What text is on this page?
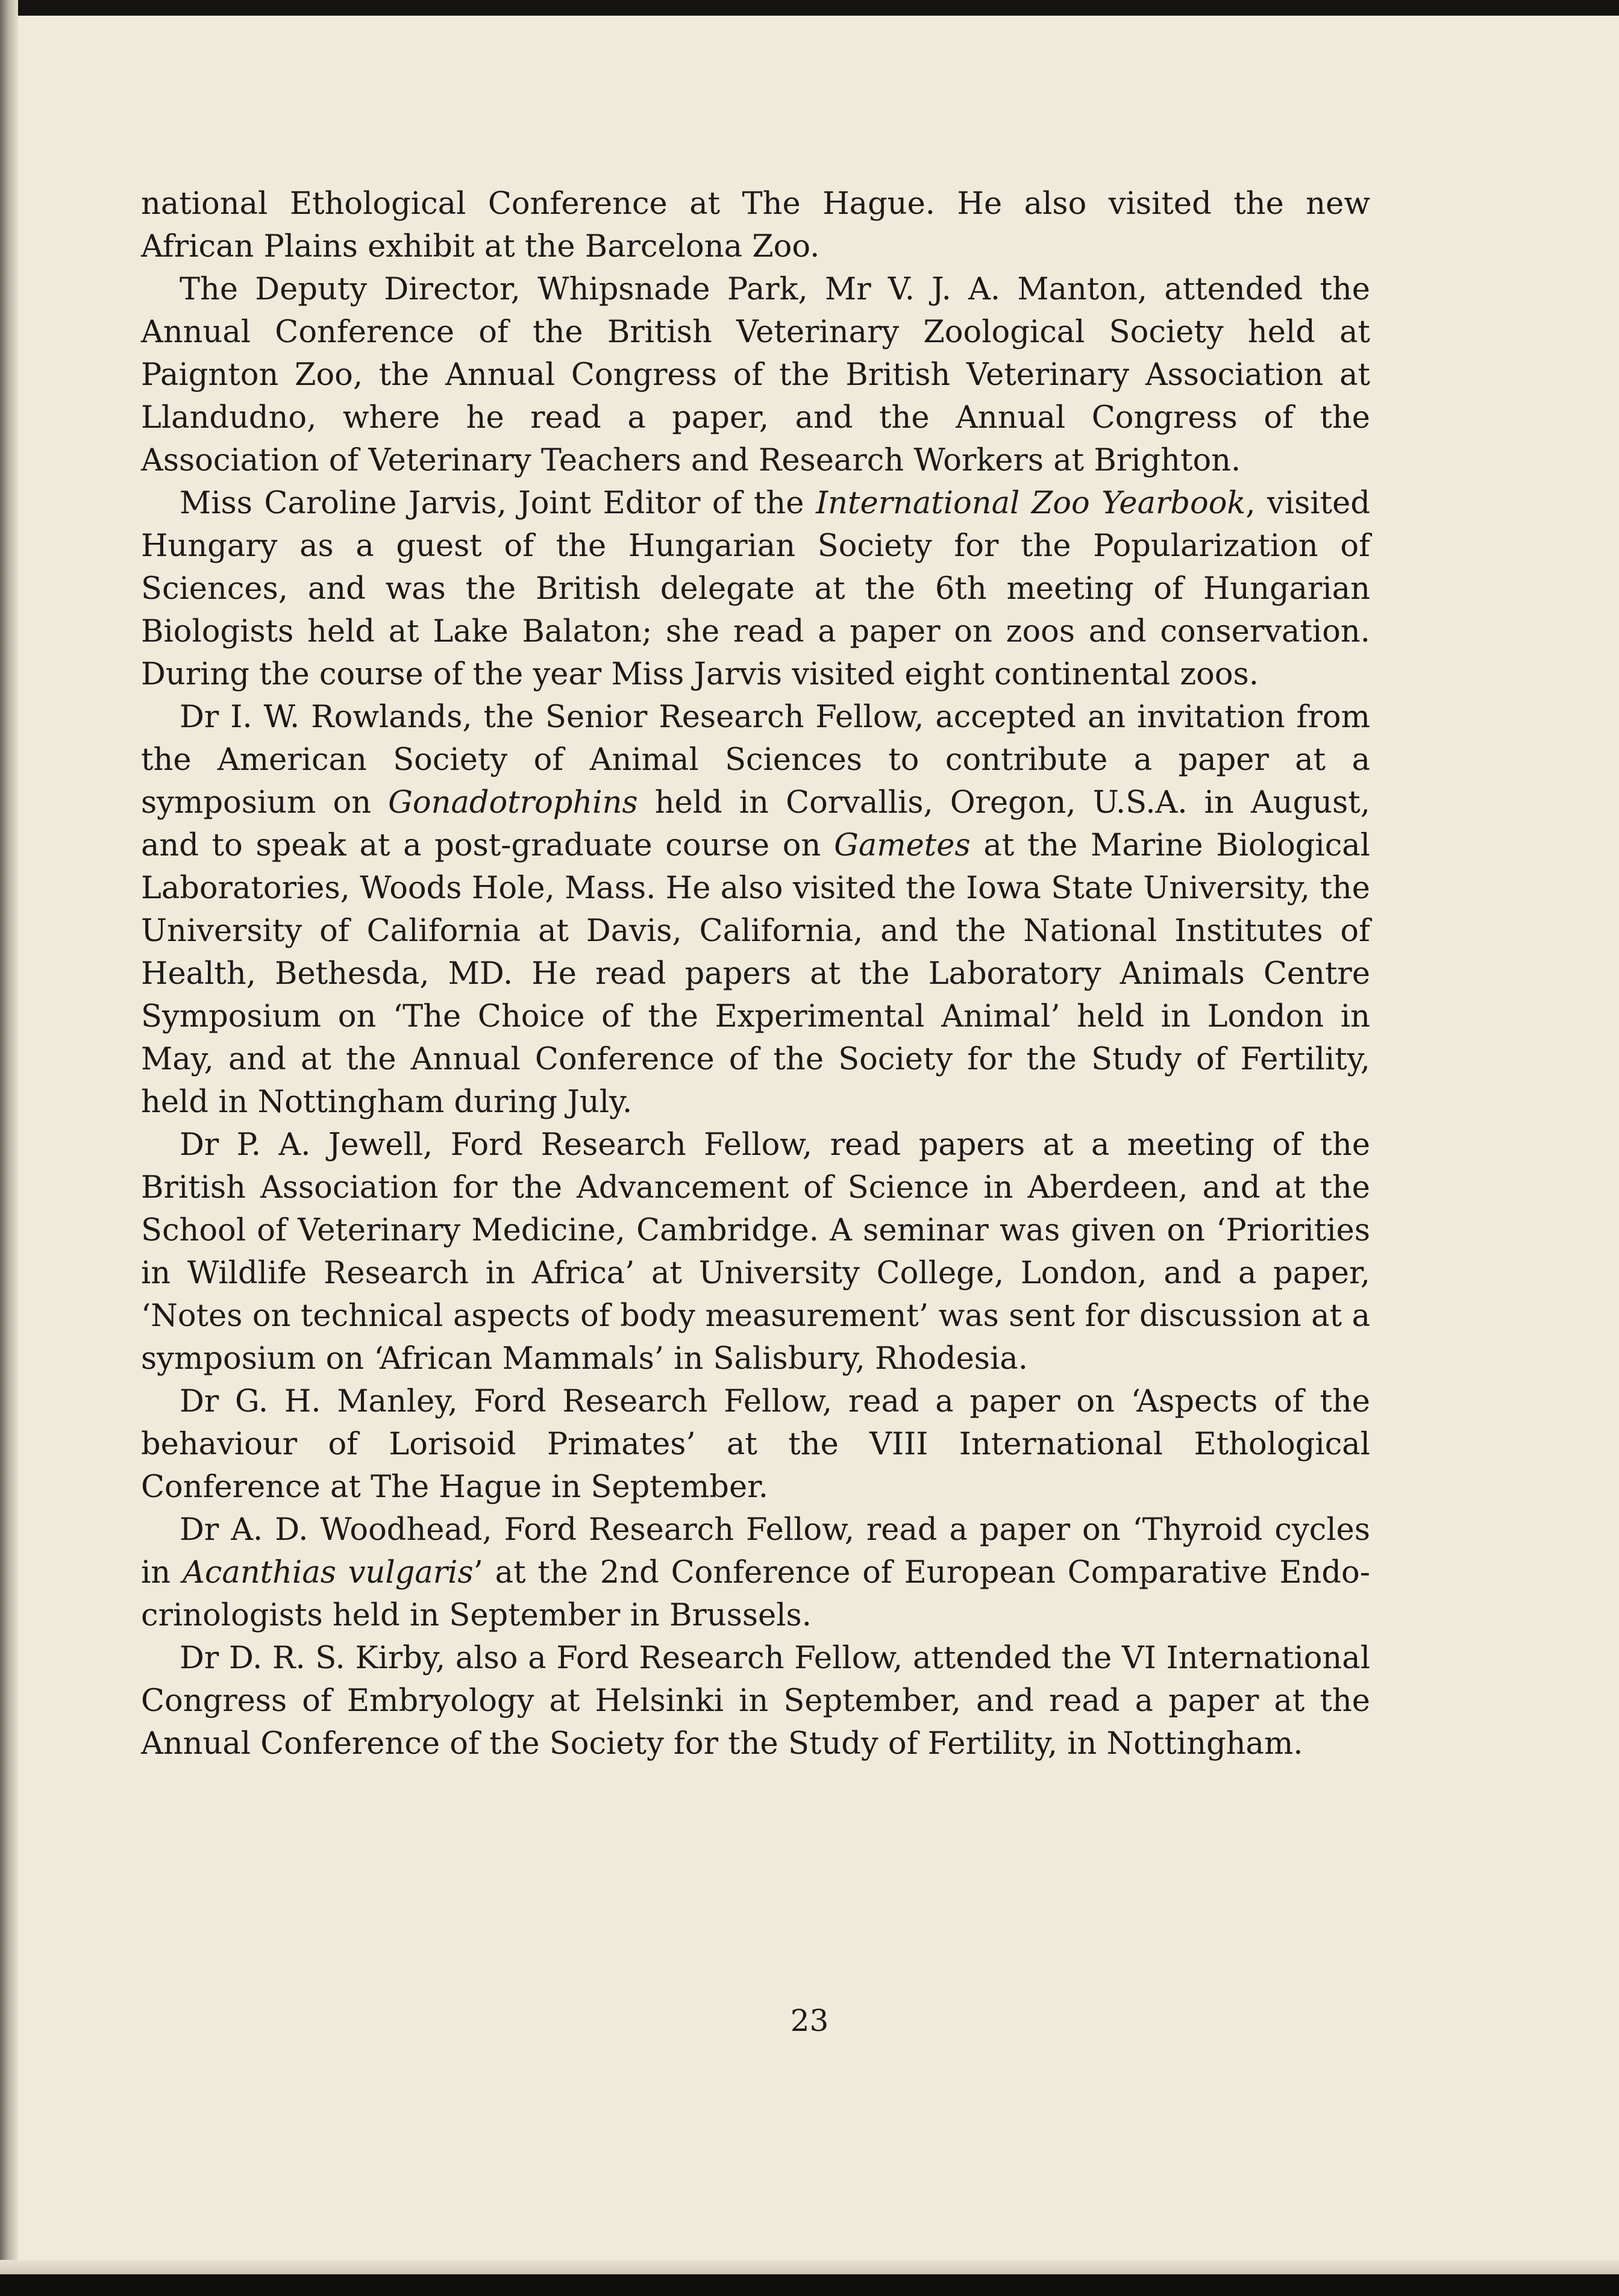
national Ethological Conference at The Hague. He also visited the new African Plains exhibit at the Barcelona Zoo.

The Deputy Director, Whipsnade Park, Mr V. J. A. Manton, attended the Annual Conference of the British Veterinary Zoological Society held at Paignton Zoo, the Annual Congress of the British Veterinary Association at Llandudno, where he read a paper, and the Annual Congress of the Association of Veterinary Teachers and Research Workers at Brighton.

Miss Caroline Jarvis, Joint Editor of the International Zoo Yearbook, visited Hungary as a guest of the Hungarian Society for the Popularization of Sciences, and was the British delegate at the 6th meeting of Hungarian Biologists held at Lake Balaton; she read a paper on zoos and conservation. During the course of the year Miss Jarvis visited eight continental zoos.

Dr I. W. Rowlands, the Senior Research Fellow, accepted an invitation from the American Society of Animal Sciences to contribute a paper at a symposium on Gonadotrophins held in Corvallis, Oregon, U.S.A. in August, and to speak at a post-graduate course on Gametes at the Marine Biological Laboratories, Woods Hole, Mass. He also visited the Iowa State University, the University of California at Davis, California, and the National Institutes of Health, Bethesda, MD. He read papers at the Laboratory Animals Centre Symposium on ‘The Choice of the Experimental Animal’ held in London in May, and at the Annual Conference of the Society for the Study of Fertility, held in Nottingham during July.

Dr P. A. Jewell, Ford Research Fellow, read papers at a meeting of the British Association for the Advancement of Science in Aberdeen, and at the School of Veterinary Medicine, Cambridge. A seminar was given on ‘Priorities in Wildlife Research in Africa’ at University College, London, and a paper, ‘Notes on technical aspects of body measurement’ was sent for discussion at a symposium on ‘African Mammals’ in Salisbury, Rhodesia.

Dr G. H. Manley, Ford Research Fellow, read a paper on ‘Aspects of the behaviour of Lorisoid Primates’ at the VIII International Ethological Conference at The Hague in September.

Dr A. D. Woodhead, Ford Research Fellow, read a paper on ‘Thyroid cycles in Acanthias vulgaris’ at the 2nd Conference of European Comparative Endocrinologists held in September in Brussels.

Dr D. R. S. Kirby, also a Ford Research Fellow, attended the VI International Congress of Embryology at Helsinki in September, and read a paper at the Annual Conference of the Society for the Study of Fertility, in Nottingham.

23
